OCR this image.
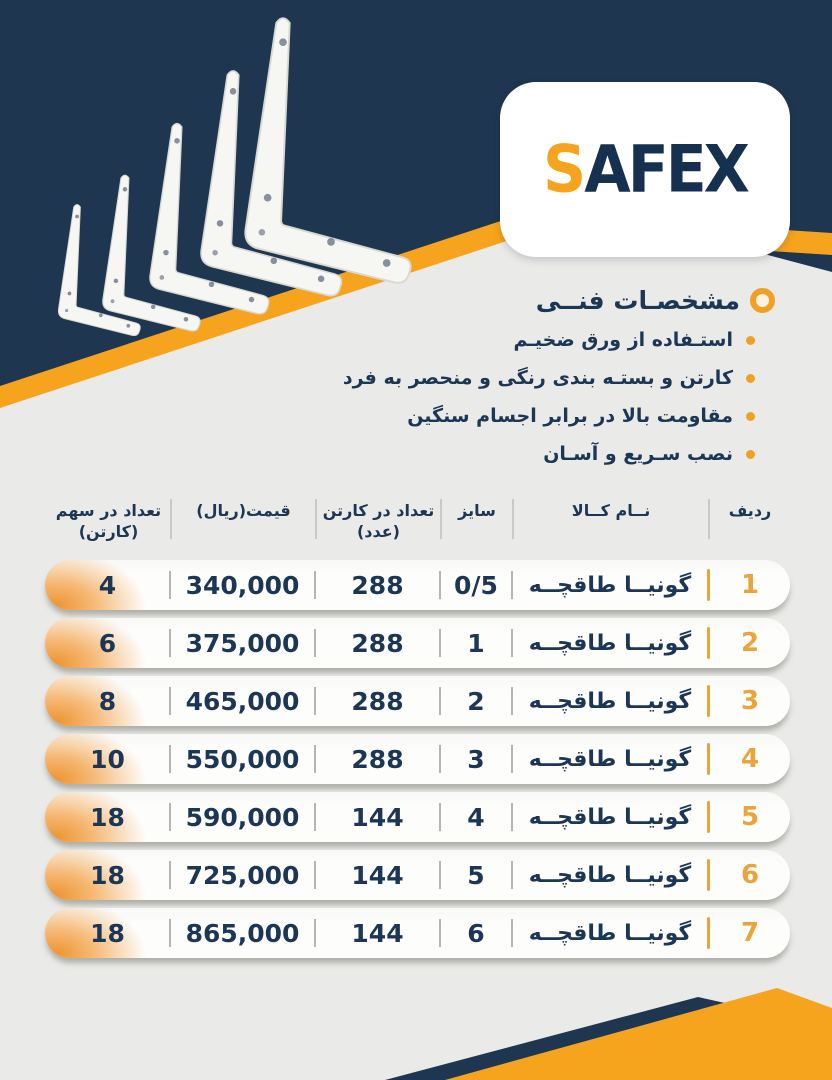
SAFEX
مشخصـات فنــی
استـفاده از ورق ضخیـم
کارتن و بستـه بندی رنگی و منحصر به فرد
مقاومت بالا در برابر اجسام سنگین
نصب سـریع و آسـان
ردیف
نــام کــالا
سایز
تعداد در کارتن
(عدد)
قیمت(ریال)
تعداد در سهم
(کارتن)
1
گونیــا طاقچــه
0/5
288
340,000
4
2
گونیــا طاقچــه
1
288
375,000
6
3
گونیــا طاقچــه
2
288
465,000
8
4
گونیــا طاقچــه
3
288
550,000
10
5
گونیــا طاقچــه
4
144
590,000
18
6
گونیــا طاقچــه
5
144
725,000
18
7
گونیــا طاقچــه
6
144
865,000
18
